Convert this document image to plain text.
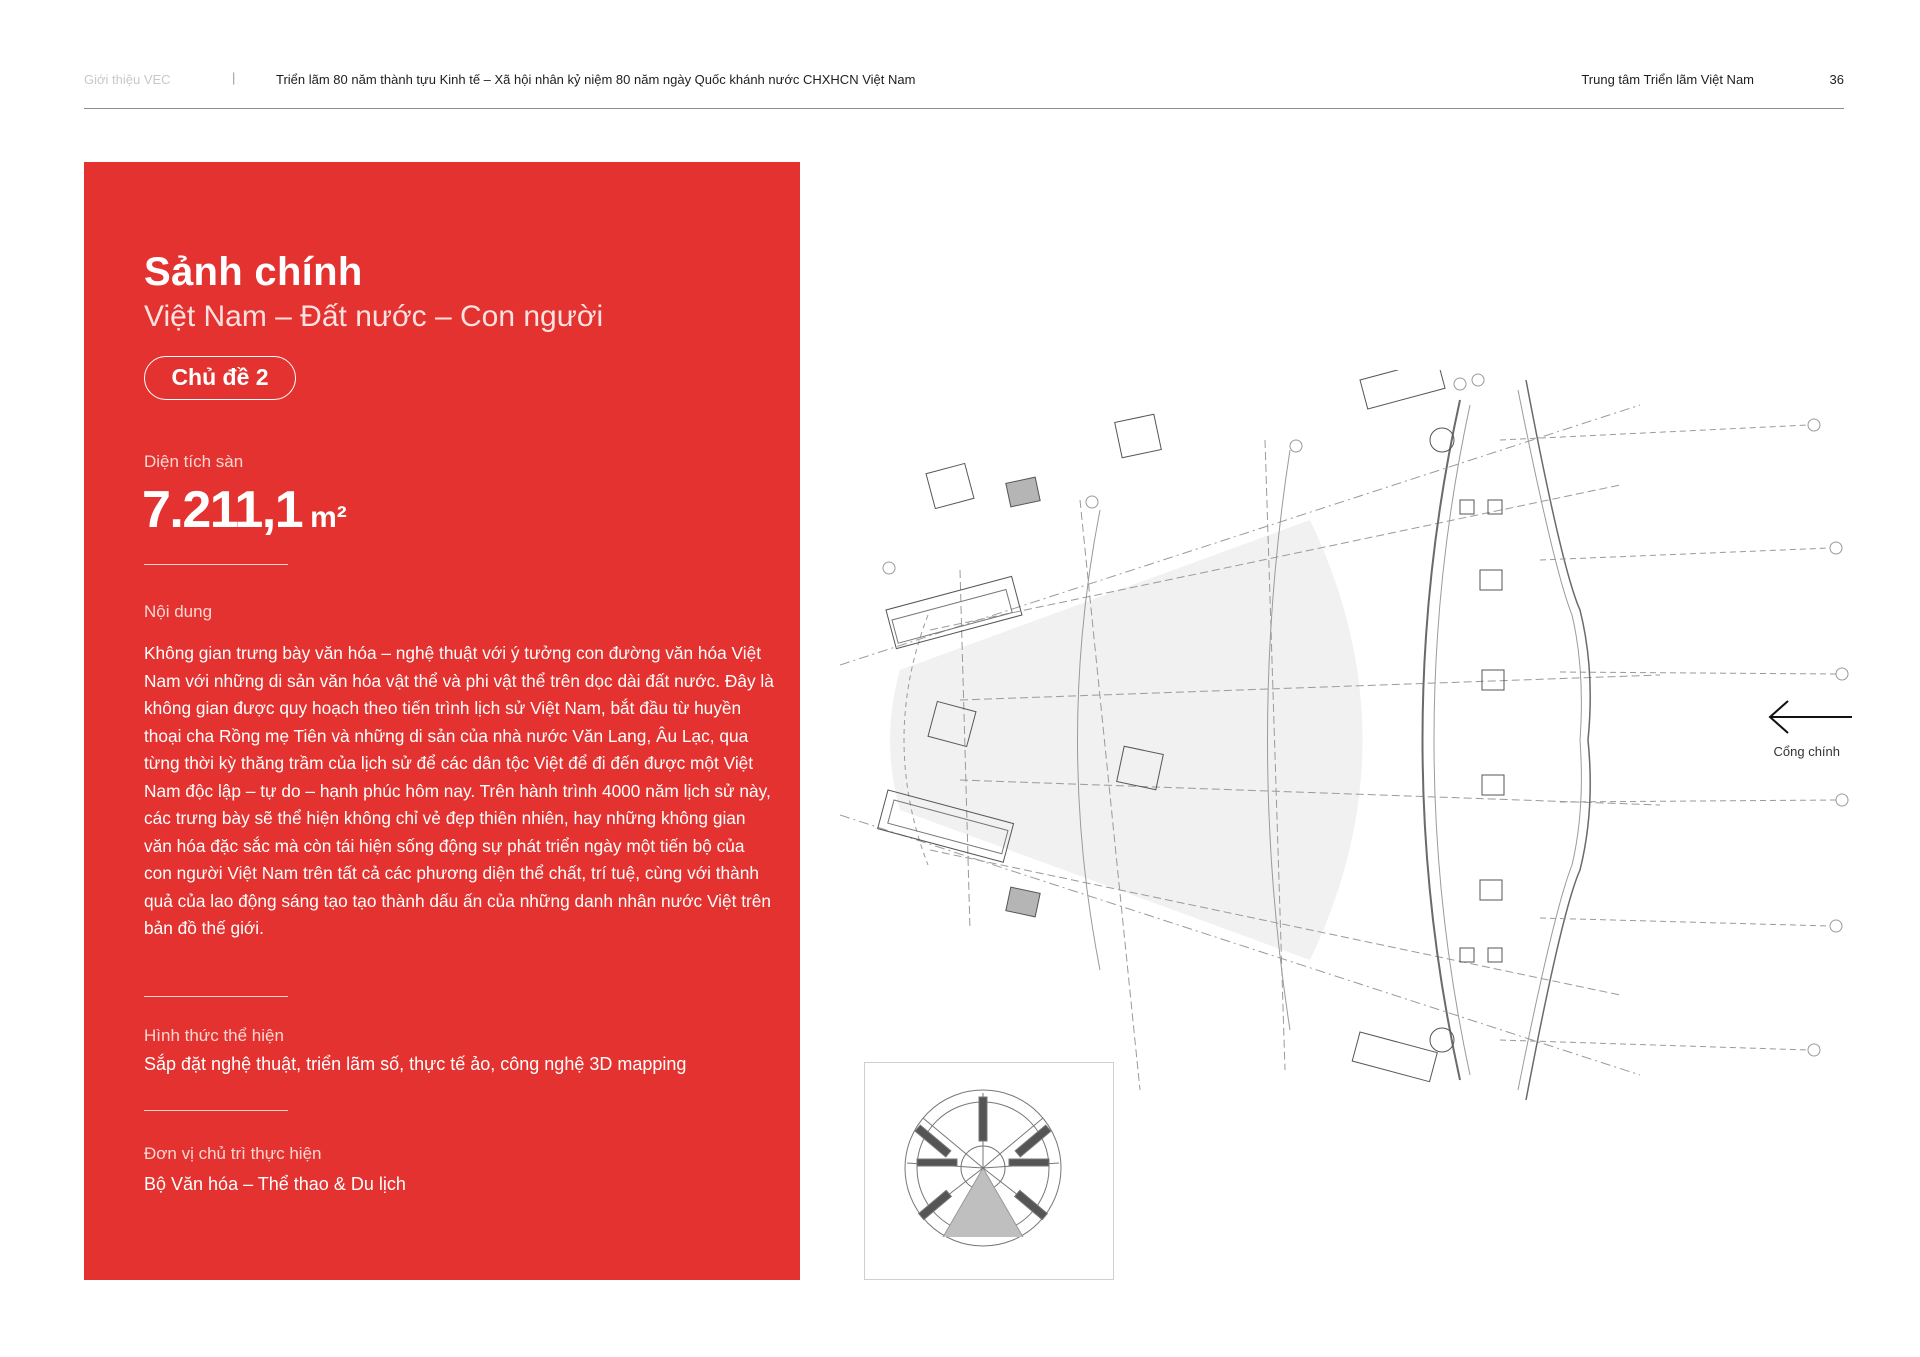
Giới thiệu VEC	|	Triển lãm 80 năm thành tựu Kinh tế – Xã hội nhân kỷ niệm 80 năm ngày Quốc khánh nước CHXHCN Việt Nam	Trung tâm Triển lãm Việt Nam	36
Sảnh chính
Việt Nam – Đất nước – Con người
Chủ đề 2
Diện tích sàn
7.211,1 m²
Nội dung
Không gian trưng bày văn hóa – nghệ thuật với ý tưởng con đường văn hóa Việt Nam với những di sản văn hóa vật thể và phi vật thể trên dọc dài đất nước. Đây là không gian được quy hoạch theo tiến trình lịch sử Việt Nam, bắt đầu từ huyền thoại cha Rồng mẹ Tiên và những di sản của nhà nước Văn Lang, Âu Lạc, qua từng thời kỳ thăng trầm của lịch sử để các dân tộc Việt để đi đến được một Việt Nam độc lập – tự do – hạnh phúc hôm nay. Trên hành trình 4000 năm lịch sử này, các trưng bày sẽ thể hiện không chỉ vẻ đẹp thiên nhiên, hay những không gian văn hóa đặc sắc mà còn tái hiện sống động sự phát triển ngày một tiến bộ của con người Việt Nam trên tất cả các phương diện thể chất, trí tuệ, cùng với thành quả của lao động sáng tạo tạo thành dấu ấn của những danh nhân nước Việt trên bản đồ thế giới.
Hình thức thể hiện
Sắp đặt nghệ thuật, triển lãm số, thực tế ảo, công nghệ 3D mapping
Đơn vị chủ trì thực hiện
Bộ Văn hóa – Thể thao & Du lịch
Cổng chính
